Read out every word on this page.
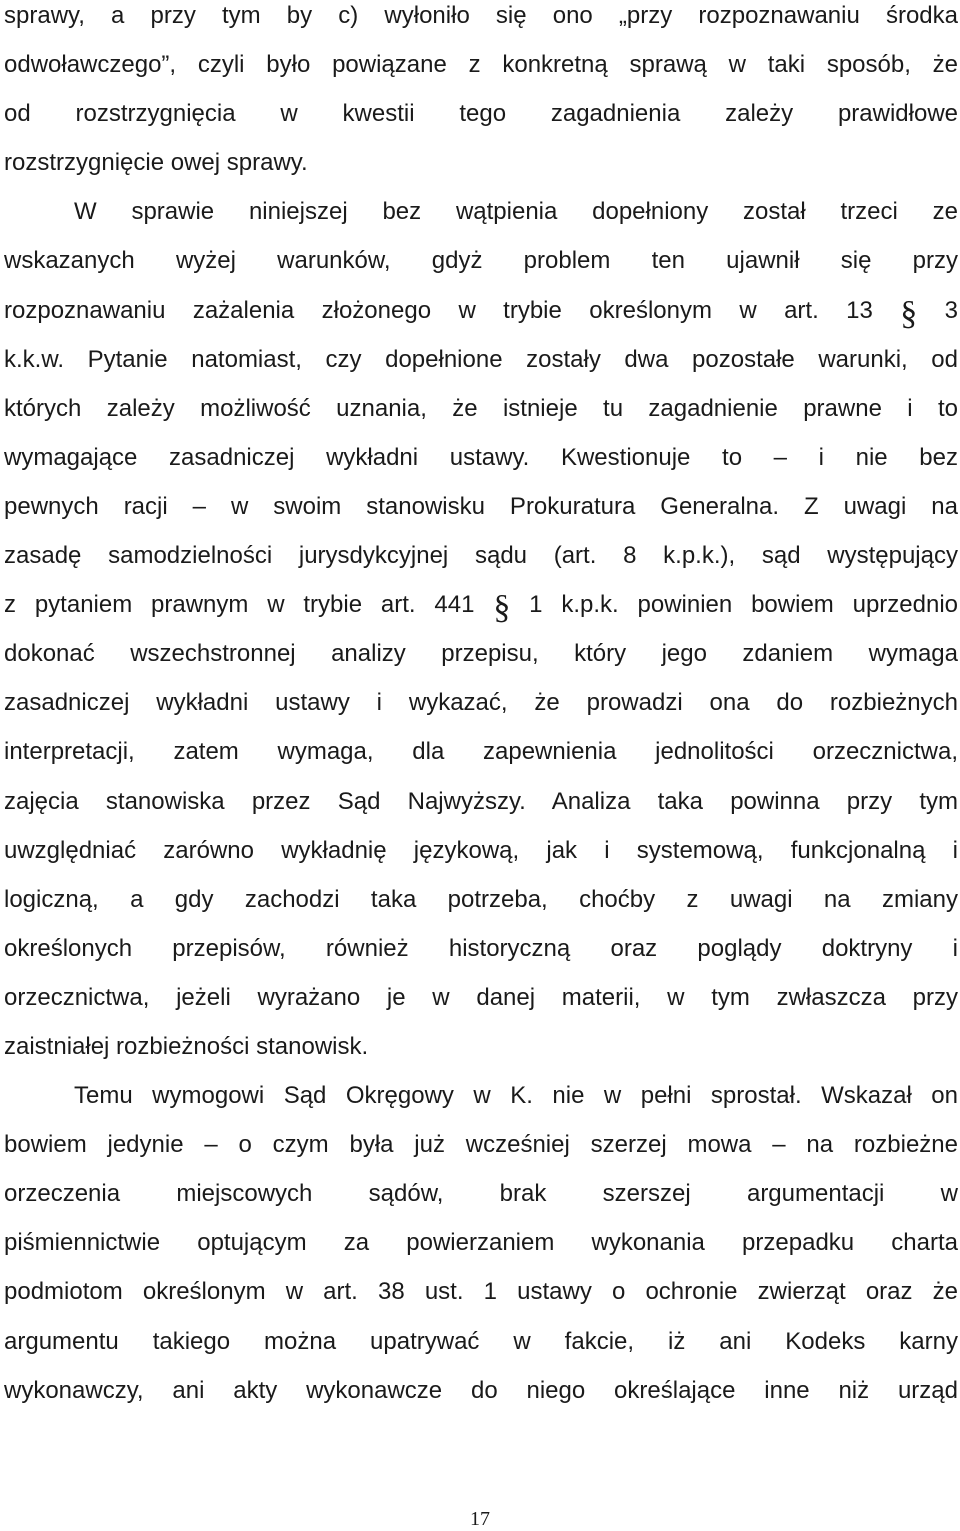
sprawy, a przy tym by c) wyłoniło się ono „przy rozpoznawaniu środka
odwoławczego”, czyli było powiązane z konkretną sprawą w taki sposób, że
od rozstrzygnięcia w kwestii tego zagadnienia zależy prawidłowe
rozstrzygnięcie owej sprawy.
W sprawie niniejszej bez wątpienia dopełniony został trzeci ze
wskazanych wyżej warunków, gdyż problem ten ujawnił się przy
rozpoznawaniu zażalenia złożonego w trybie określonym w art. 13 § 3
k.k.w. Pytanie natomiast, czy dopełnione zostały dwa pozostałe warunki, od
których zależy możliwość uznania, że istnieje tu zagadnienie prawne i to
wymagające zasadniczej wykładni ustawy. Kwestionuje to – i nie bez
pewnych racji – w swoim stanowisku Prokuratura Generalna. Z uwagi na
zasadę samodzielności jurysdykcyjnej sądu (art. 8 k.p.k.), sąd występujący
z pytaniem prawnym w trybie art. 441 § 1 k.p.k. powinien bowiem uprzednio
dokonać wszechstronnej analizy przepisu, który jego zdaniem wymaga
zasadniczej wykładni ustawy i wykazać, że prowadzi ona do rozbieżnych
interpretacji, zatem wymaga, dla zapewnienia jednolitości orzecznictwa,
zajęcia stanowiska przez Sąd Najwyższy. Analiza taka powinna przy tym
uwzględniać zarówno wykładnię językową, jak i systemową, funkcjonalną i
logiczną, a gdy zachodzi taka potrzeba, choćby z uwagi na zmiany
określonych przepisów, również historyczną oraz poglądy doktryny i
orzecznictwa, jeżeli wyrażano je w danej materii, w tym zwłaszcza przy
zaistniałej rozbieżności stanowisk.
Temu wymogowi Sąd Okręgowy w K. nie w pełni sprostał. Wskazał on
bowiem jedynie – o czym była już wcześniej szerzej mowa – na rozbieżne
orzeczenia miejscowych sądów, brak szerszej argumentacji w
piśmiennictwie optującym za powierzaniem wykonania przepadku charta
podmiotom określonym w art. 38 ust. 1 ustawy o ochronie zwierząt oraz że
argumentu takiego można upatrywać w fakcie, iż ani Kodeks karny
wykonawczy, ani akty wykonawcze do niego określające inne niż urząd
17
